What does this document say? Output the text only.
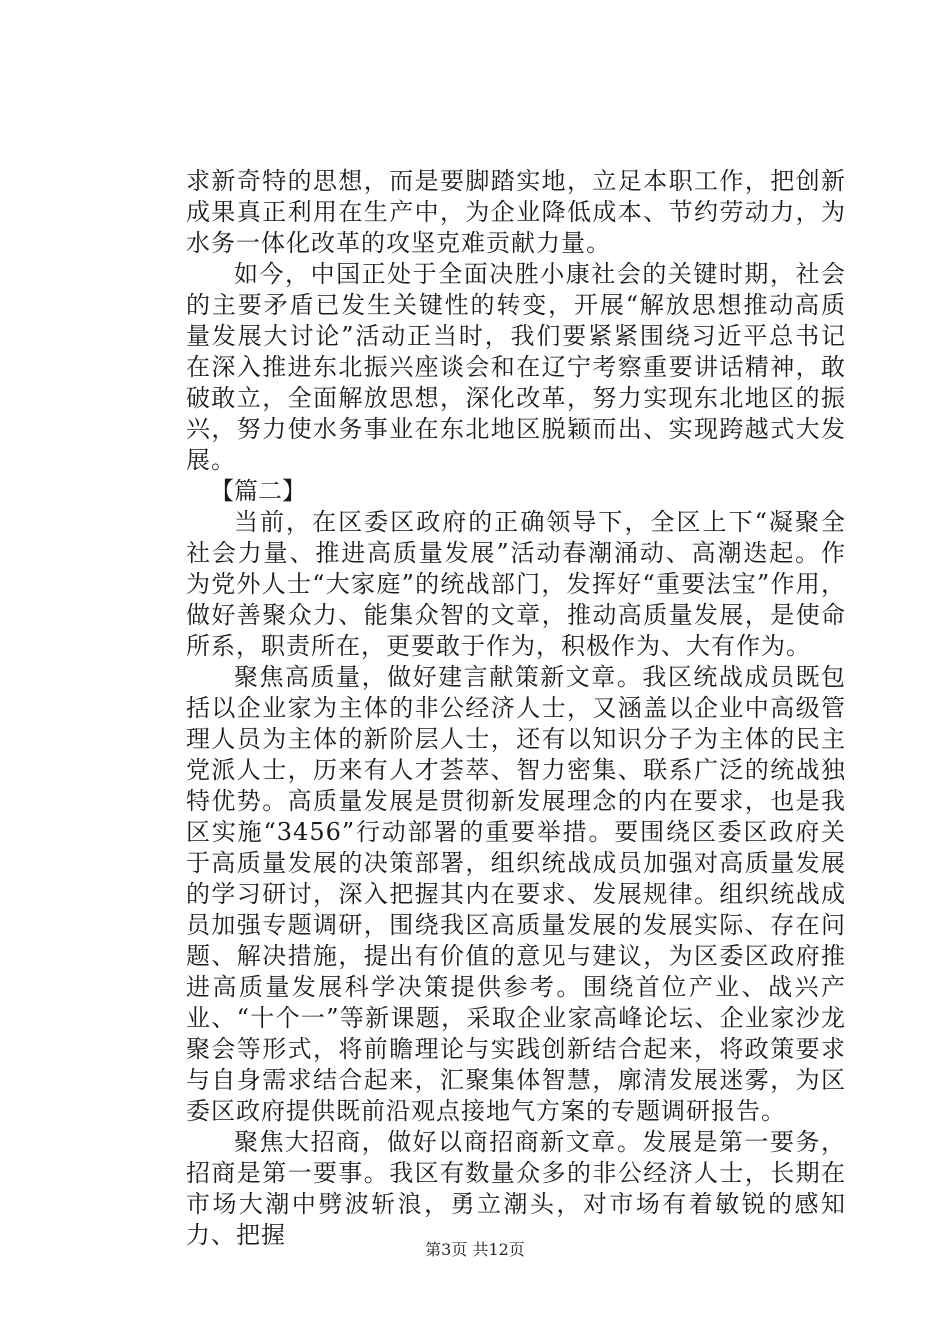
求新奇特的思想，而是要脚踏实地，立足本职工作，把创新成果真正利用在生产中，为企业降低成本、节约劳动力，为水务一体化改革的攻坚克难贡献力量。

如今，中国正处于全面决胜小康社会的关键时期，社会的主要矛盾已发生关键性的转变，开展“解放思想推动高质量发展大讨论”活动正当时，我们要紧紧围绕习近平总书记在深入推进东北振兴座谈会和在辽宁考察重要讲话精神，敢破敢立，全面解放思想，深化改革，努力实现东北地区的振兴，努力使水务事业在东北地区脱颖而出、实现跨越式大发展。

【篇二】

当前，在区委区政府的正确领导下，全区上下“凝聚全社会力量、推进高质量发展”活动春潮涌动、高潮迭起。作为党外人士“大家庭”的统战部门，发挥好“重要法宝”作用，做好善聚众力、能集众智的文章，推动高质量发展，是使命所系，职责所在，更要敢于作为，积极作为、大有作为。

聚焦高质量，做好建言献策新文章。我区统战成员既包括以企业家为主体的非公经济人士，又涵盖以企业中高级管理人员为主体的新阶层人士，还有以知识分子为主体的民主党派人士，历来有人才荟萃、智力密集、联系广泛的统战独特优势。高质量发展是贯彻新发展理念的内在要求，也是我区实施“3456”行动部署的重要举措。要围绕区委区政府关于高质量发展的决策部署，组织统战成员加强对高质量发展的学习研讨，深入把握其内在要求、发展规律。组织统战成员加强专题调研，围绕我区高质量发展的发展实际、存在问题、解决措施，提出有价值的意见与建议，为区委区政府推进高质量发展科学决策提供参考。围绕首位产业、战兴产业、“十个一”等新课题，采取企业家高峰论坛、企业家沙龙聚会等形式，将前瞻理论与实践创新结合起来，将政策要求与自身需求结合起来，汇聚集体智慧，廓清发展迷雾，为区委区政府提供既前沿观点接地气方案的专题调研报告。

聚焦大招商，做好以商招商新文章。发展是第一要务，招商是第一要事。我区有数量众多的非公经济人士，长期在市场大潮中劈波斩浪，勇立潮头，对市场有着敏锐的感知力、把握

第3页 共12页
